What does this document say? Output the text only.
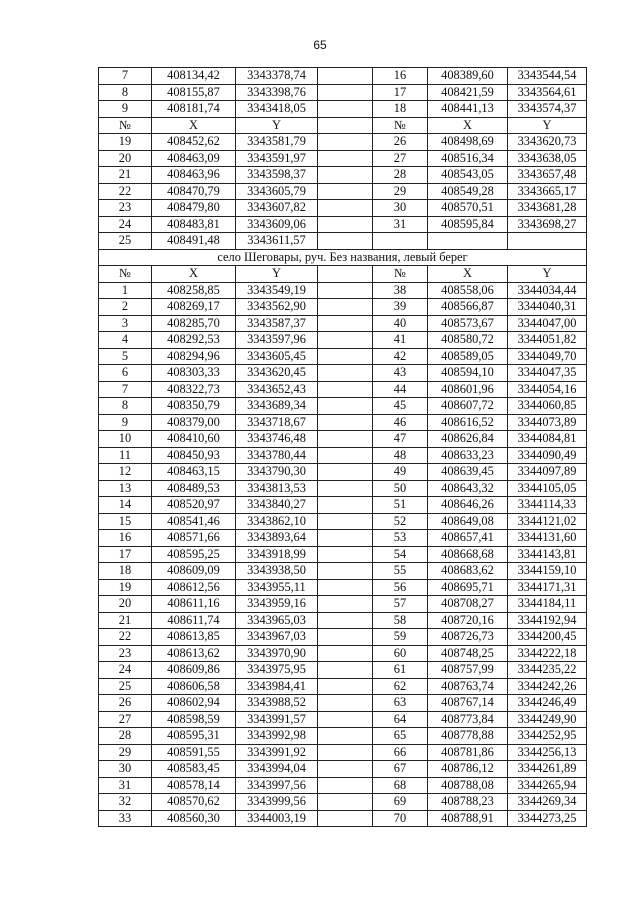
65
7	408134,42	3343378,74		16	408389,60	3343544,54
8	408155,87	3343398,76		17	408421,59	3343564,61
9	408181,74	3343418,05		18	408441,13	3343574,37
№	X	Y		№	X	Y
19	408452,62	3343581,79		26	408498,69	3343620,73
20	408463,09	3343591,97		27	408516,34	3343638,05
21	408463,96	3343598,37		28	408543,05	3343657,48
22	408470,79	3343605,79		29	408549,28	3343665,17
23	408479,80	3343607,82		30	408570,51	3343681,28
24	408483,81	3343609,06		31	408595,84	3343698,27
25	408491,48	3343611,57				
село Шеговары, руч. Без названия, левый берег						
№	X	Y		№	X	Y
1	408258,85	3343549,19		38	408558,06	3344034,44
2	408269,17	3343562,90		39	408566,87	3344040,31
3	408285,70	3343587,37		40	408573,67	3344047,00
4	408292,53	3343597,96		41	408580,72	3344051,82
5	408294,96	3343605,45		42	408589,05	3344049,70
6	408303,33	3343620,45		43	408594,10	3344047,35
7	408322,73	3343652,43		44	408601,96	3344054,16
8	408350,79	3343689,34		45	408607,72	3344060,85
9	408379,00	3343718,67		46	408616,52	3344073,89
10	408410,60	3343746,48		47	408626,84	3344084,81
11	408450,93	3343780,44		48	408633,23	3344090,49
12	408463,15	3343790,30		49	408639,45	3344097,89
13	408489,53	3343813,53		50	408643,32	3344105,05
14	408520,97	3343840,27		51	408646,26	3344114,33
15	408541,46	3343862,10		52	408649,08	3344121,02
16	408571,66	3343893,64		53	408657,41	3344131,60
17	408595,25	3343918,99		54	408668,68	3344143,81
18	408609,09	3343938,50		55	408683,62	3344159,10
19	408612,56	3343955,11		56	408695,71	3344171,31
20	408611,16	3343959,16		57	408708,27	3344184,11
21	408611,74	3343965,03		58	408720,16	3344192,94
22	408613,85	3343967,03		59	408726,73	3344200,45
23	408613,62	3343970,90		60	408748,25	3344222,18
24	408609,86	3343975,95		61	408757,99	3344235,22
25	408606,58	3343984,41		62	408763,74	3344242,26
26	408602,94	3343988,52		63	408767,14	3344246,49
27	408598,59	3343991,57		64	408773,84	3344249,90
28	408595,31	3343992,98		65	408778,88	3344252,95
29	408591,55	3343991,92		66	408781,86	3344256,13
30	408583,45	3343994,04		67	408786,12	3344261,89
31	408578,14	3343997,56		68	408788,08	3344265,94
32	408570,62	3343999,56		69	408788,23	3344269,34
33	408560,30	3344003,19		70	408788,91	3344273,25
